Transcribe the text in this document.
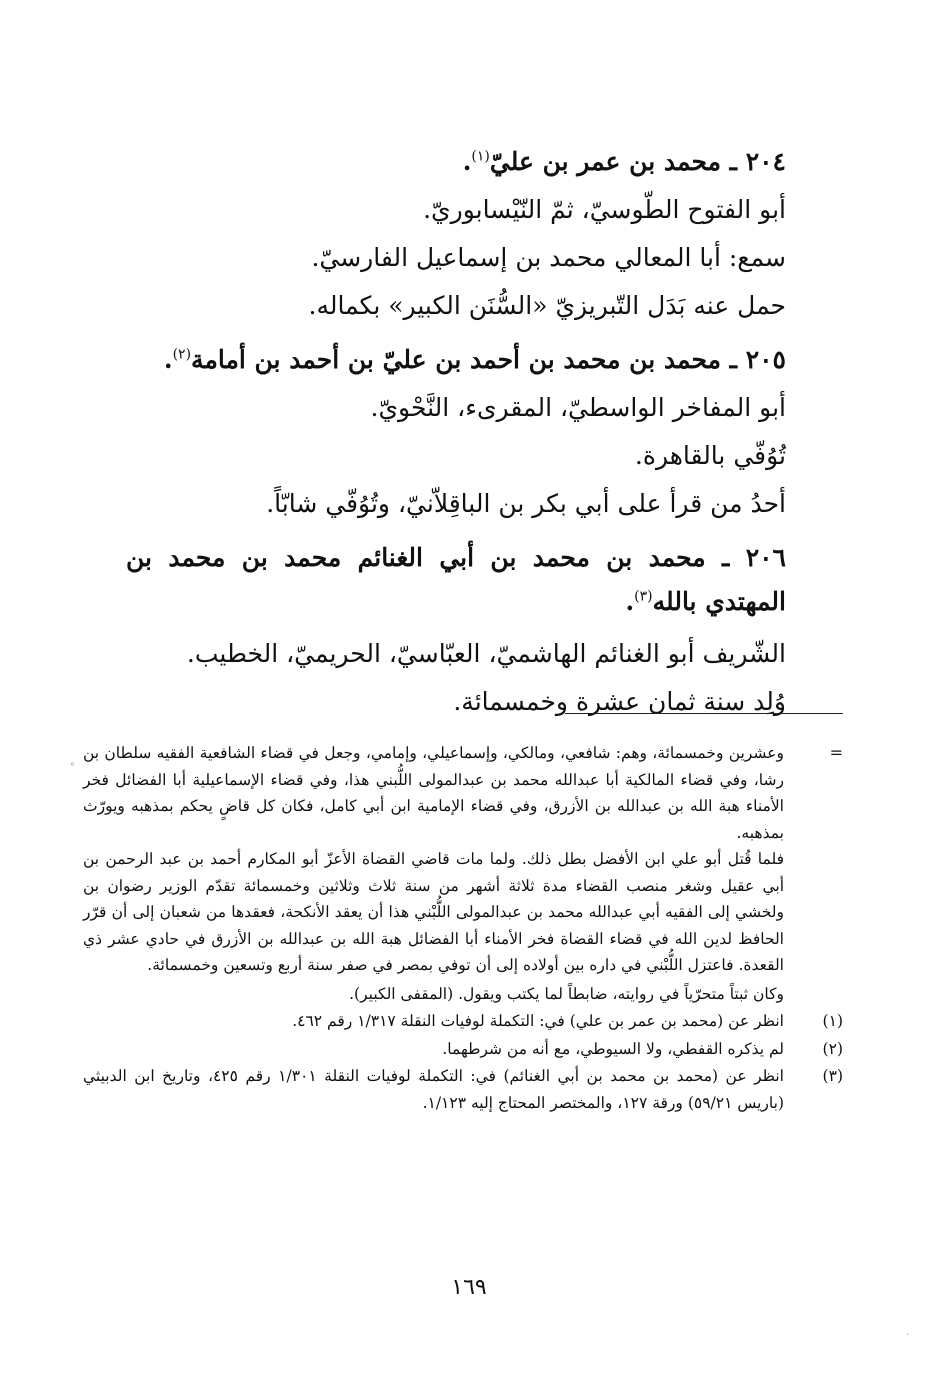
٢٠٤ ـ محمد بن عمر بن عليّ$^{(١)}$.

أبو الفتوح الطّوسيّ، ثمّ النّيْسابوريّ.

سمع: أبا المعالي محمد بن إسماعيل الفارسيّ.

حمل عنه بَدَل التّبريزيّ «السُّنَن الكبير» بكماله.

٢٠٥ ـ محمد بن محمد بن أحمد بن عليّ بن أحمد بن أمامة$^{(٢)}$.

أبو المفاخر الواسطيّ، المقرىء، النَّحْويّ.

تُوُفّي بالقاهرة.

أحدُ من قرأ على أبي بكر بن الباقِلاّنيّ، وتُوُفّي شابّاً.

٢٠٦ ـ محمد بن محمد بن أبي الغنائم محمد بن محمد بن المهتدي بالله$^{(٣)}$.

الشّريف أبو الغنائم الهاشميّ، العبّاسيّ، الحريميّ، الخطيب.

وُلِد سنة ثمان عشرة وخمسمائة.

=

وعشرين وخمسمائة، وهم: شافعي، ومالكي، وإسماعيلي، وإمامي، وجعل في قضاء الشافعية الفقيه سلطان بن رشا، وفي قضاء المالكية أبا عبدالله محمد بن عبدالمولى اللُّبني هذا، وفي قضاء الإسماعيلية أبا الفضائل فخر الأمناء هبة الله بن عبدالله بن الأزرق، وفي قضاء الإمامية ابن أبي كامل، فكان كل قاضٍ يحكم بمذهبه ويورّث بمذهبه.

فلما قُتل أبو علي ابن الأفضل بطل ذلك. ولما مات قاضي القضاة الأعزّ أبو المكارم أحمد بن عبد الرحمن بن أبي عقيل وشغر منصب القضاء مدة ثلاثة أشهر من سنة ثلاث وثلاثين وخمسمائة تقدّم الوزير رضوان بن ولخشي إلى الفقيه أبي عبدالله محمد بن عبدالمولى اللُّبْني هذا أن يعقد الأنكحة، فعقدها من شعبان إلى أن قرّر الحافظ لدين الله في قضاء القضاة فخر الأمناء أبا الفضائل هبة الله بن عبدالله بن الأزرق في حادي عشر ذي القعدة. فاعتزل اللُّبْني في داره بين أولاده إلى أن توفي بمصر في صفر سنة أربع وتسعين وخمسمائة.

وكان ثبتاً متحرّياً في روايته، ضابطاً لما يكتب ويقول. (المقفى الكبير).

(١)

انظر عن (محمد بن عمر بن علي) في: التكملة لوفيات النقلة ١/٣١٧ رقم ٤٦٢.

(٢)

لم يذكره القفطي، ولا السيوطي، مع أنه من شرطهما.

(٣)

انظر عن (محمد بن محمد بن أبي الغنائم) في: التكملة لوفيات النقلة ١/٣٠١ رقم ٤٢٥، وتاريخ ابن الدبيثي (باريس ٥٩/٢١) ورقة ١٢٧، والمختصر المحتاج إليه ١/١٢٣.

١٦٩
°
·
